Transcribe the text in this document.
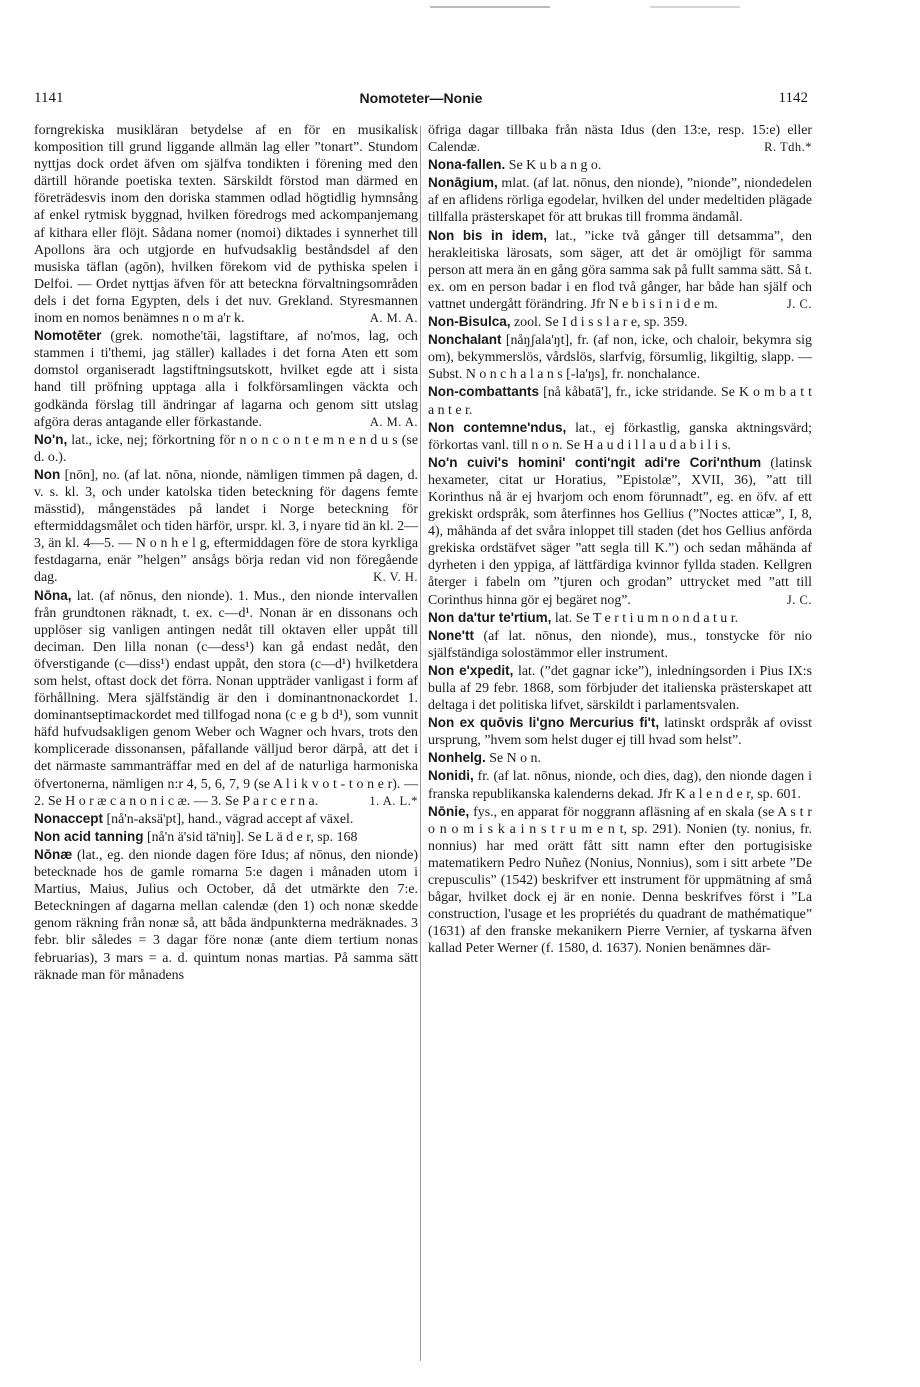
1141	Nomoteter—Nonie	1142

forngrekiska musikläran betydelse af en för en musikalisk komposition till grund liggande allmän lag eller ”tonart”. Stundom nyttjas dock ordet äfven om själfva tondikten i förening med den därtill hörande poetiska texten. Särskildt förstod man därmed en företrädesvis inom den doriska stammen odlad högtidlig hymnsång af enkel rytmisk byggnad, hvilken föredrogs med ackompanjemang af kithara eller flöjt. Sådana nomer (nomoi) diktades i synnerhet till Apollons ära och utgjorde en hufvudsaklig beståndsdel af den musiska täflan (agōn), hvilken förekom vid de pythiska spelen i Delfoi. — Ordet nyttjas äfven för att beteckna förvaltningsområden dels i det forna Egypten, dels i det nuv. Grekland. Styresmannen inom en nomos benämnes n o m a'r k.	A. M. A.

Nomotēter (grek. nomothe'tāi, lagstiftare, af no'mos, lag, och stammen i ti'themi, jag ställer) kallades i det forna Aten ett som domstol organiseradt lagstiftningsutskott, hvilket egde att i sista hand till pröfning upptaga alla i folkförsamlingen väckta och godkända förslag till ändringar af lagarna och genom sitt utslag afgöra deras antagande eller förkastande.	A. M. A.

No'n, lat., icke, nej; förkortning för n o n c o n t e m n e n d u s (se d. o.).

Non [nōn], no. (af lat. nōna, nionde, nämligen timmen på dagen, d. v. s. kl. 3, och under katolska tiden beteckning för dagens femte mässtid), mångenstädes på landet i Norge beteckning för eftermiddagsmålet och tiden härför, urspr. kl. 3, i nyare tid än kl. 2—3, än kl. 4—5. — N o n h e l g, eftermiddagen före de stora kyrkliga festdagarna, enär ”helgen” ansågs börja redan vid non föregående dag.	K. V. H.

Nōna, lat. (af nōnus, den nionde). 1. Mus., den nionde intervallen från grundtonen räknadt, t. ex. c—d¹. Nonan är en dissonans och upplöser sig vanligen antingen nedåt till oktaven eller uppåt till deciman. Den lilla nonan (c—dess¹) kan gå endast nedåt, den öfverstigande (c—diss¹) endast uppåt, den stora (c—d¹) hvilketdera som helst, oftast dock det förra. Nonan uppträder vanligast i form af förhållning. Mera själfständig är den i dominantnonackordet 1. dominantseptimackordet med tillfogad nona (c e g b d¹), som vunnit häfd hufvudsakligen genom Weber och Wagner och hvars, trots den komplicerade dissonansen, påfallande välljud beror därpå, att det i det närmaste sammanträffar med en del af de naturliga harmoniska öfvertonerna, nämligen n:r 4, 5, 6, 7, 9 (se A l i k v o t - t o n e r). — 2. Se H o r æ c a n o n i c æ. — 3. Se P a r c e r n a.	1. A. L.*

Nonaccept [nå'n-aksä'pt], hand., vägrad accept af växel.

Non acid tanning [nå'n ä'sid tä'niŋ]. Se L ä d e r, sp. 168

Nōnæ (lat., eg. den nionde dagen före Idus; af nōnus, den nionde) betecknade hos de gamle romarna 5:e dagen i månaden utom i Martius, Maius, Julius och October, då det utmärkte den 7:e. Beteckningen af dagarna mellan calendæ (den 1) och nonæ skedde genom räkning från nonæ så, att båda ändpunkterna medräknades. 3 febr. blir således = 3 dagar före nonæ (ante diem tertium nonas februarias), 3 mars = a. d. quintum nonas martias. På samma sätt räknade man för månadens

öfriga dagar tillbaka från nästa Idus (den 13:e, resp. 15:e) eller Calendæ.	R. Tdh.*

Nona-fallen. Se K u b a n g o.

Nonāgium, mlat. (af lat. nōnus, den nionde), ”nionde”, niondedelen af en aflidens rörliga egodelar, hvilken del under medeltiden plägade tillfalla prästerskapet för att brukas till fromma ändamål.

Non bis in idem, lat., ”icke två gånger till detsamma”, den herakleitiska lärosats, som säger, att det är omöjligt för samma person att mera än en gång göra samma sak på fullt samma sätt. Så t. ex. om en person badar i en flod två gånger, har både han själf och vattnet undergått förändring. Jfr N e b i s i n i d e m.	J. C.

Non-Bisulca, zool. Se I d i s s l a r e, sp. 359.

Nonchalant [nåŋʃala'ŋt], fr. (af non, icke, och chaloir, bekymra sig om), bekymmerslös, vårdslös, slarfvig, försumlig, likgiltig, slapp. — Subst. N o n c h a l a n s [-la'ŋs], fr. nonchalance.

Non-combattants [nå kåbatā'], fr., icke stridande. Se K o m b a t t a n t e r.

Non contemne'ndus, lat., ej förkastlig, ganska aktningsvärd; förkortas vanl. till n o n. Se H a u d i l l a u d a b i l i s.

No'n cuivi's homini' conti'ngit adi're Cori'nthum (latinsk hexameter, citat ur Horatius, ”Epistolæ”, XVII, 36), ”att till Korinthus nå är ej hvarjom och enom förunnadt”, eg. en öfv. af ett grekiskt ordspråk, som återfinnes hos Gellius (”Noctes atticæ”, I, 8, 4), måhända af det svåra inloppet till staden (det hos Gellius anförda grekiska ordstäfvet säger ”att segla till K.”) och sedan måhända af dyrheten i den yppiga, af lättfärdiga kvinnor fyllda staden. Kellgren återger i fabeln om ”tjuren och grodan” uttrycket med ”att till Corinthus hinna gör ej begäret nog”.	J. C.

Non da'tur te'rtium, lat. Se T e r t i u m n o n d a t u r.

None'tt (af lat. nōnus, den nionde), mus., tonstycke för nio själfständiga solostämmor eller instrument.

Non e'xpedit, lat. (”det gagnar icke”), inledningsorden i Pius IX:s bulla af 29 febr. 1868, som förbjuder det italienska prästerskapet att deltaga i det politiska lifvet, särskildt i parlamentsvalen.

Non ex quōvis li'gno Mercurius fi't, latinskt ordspråk af ovisst ursprung, ”hvem som helst duger ej till hvad som helst”.

Nonhelg. Se N o n.

Nonidi, fr. (af lat. nōnus, nionde, och dies, dag), den nionde dagen i franska republikanska kalenderns dekad. Jfr K a l e n d e r, sp. 601.

Nōnie, fys., en apparat för noggrann afläsning af en skala (se A s t r o n o m i s k a i n s t r u m e n t, sp. 291). Nonien (ty. nonius, fr. nonnius) har med orätt fått sitt namn efter den portugisiske matematikern Pedro Nuñez (Nonius, Nonnius), som i sitt arbete ”De crepusculis” (1542) beskrifver ett instrument för uppmätning af små bågar, hvilket dock ej är en nonie. Denna beskrifves först i ”La construction, l'usage et les propriétés du quadrant de mathématique” (1631) af den franske mekanikern Pierre Vernier, af tyskarna äfven kallad Peter Werner (f. 1580, d. 1637). Nonien benämnes där-
